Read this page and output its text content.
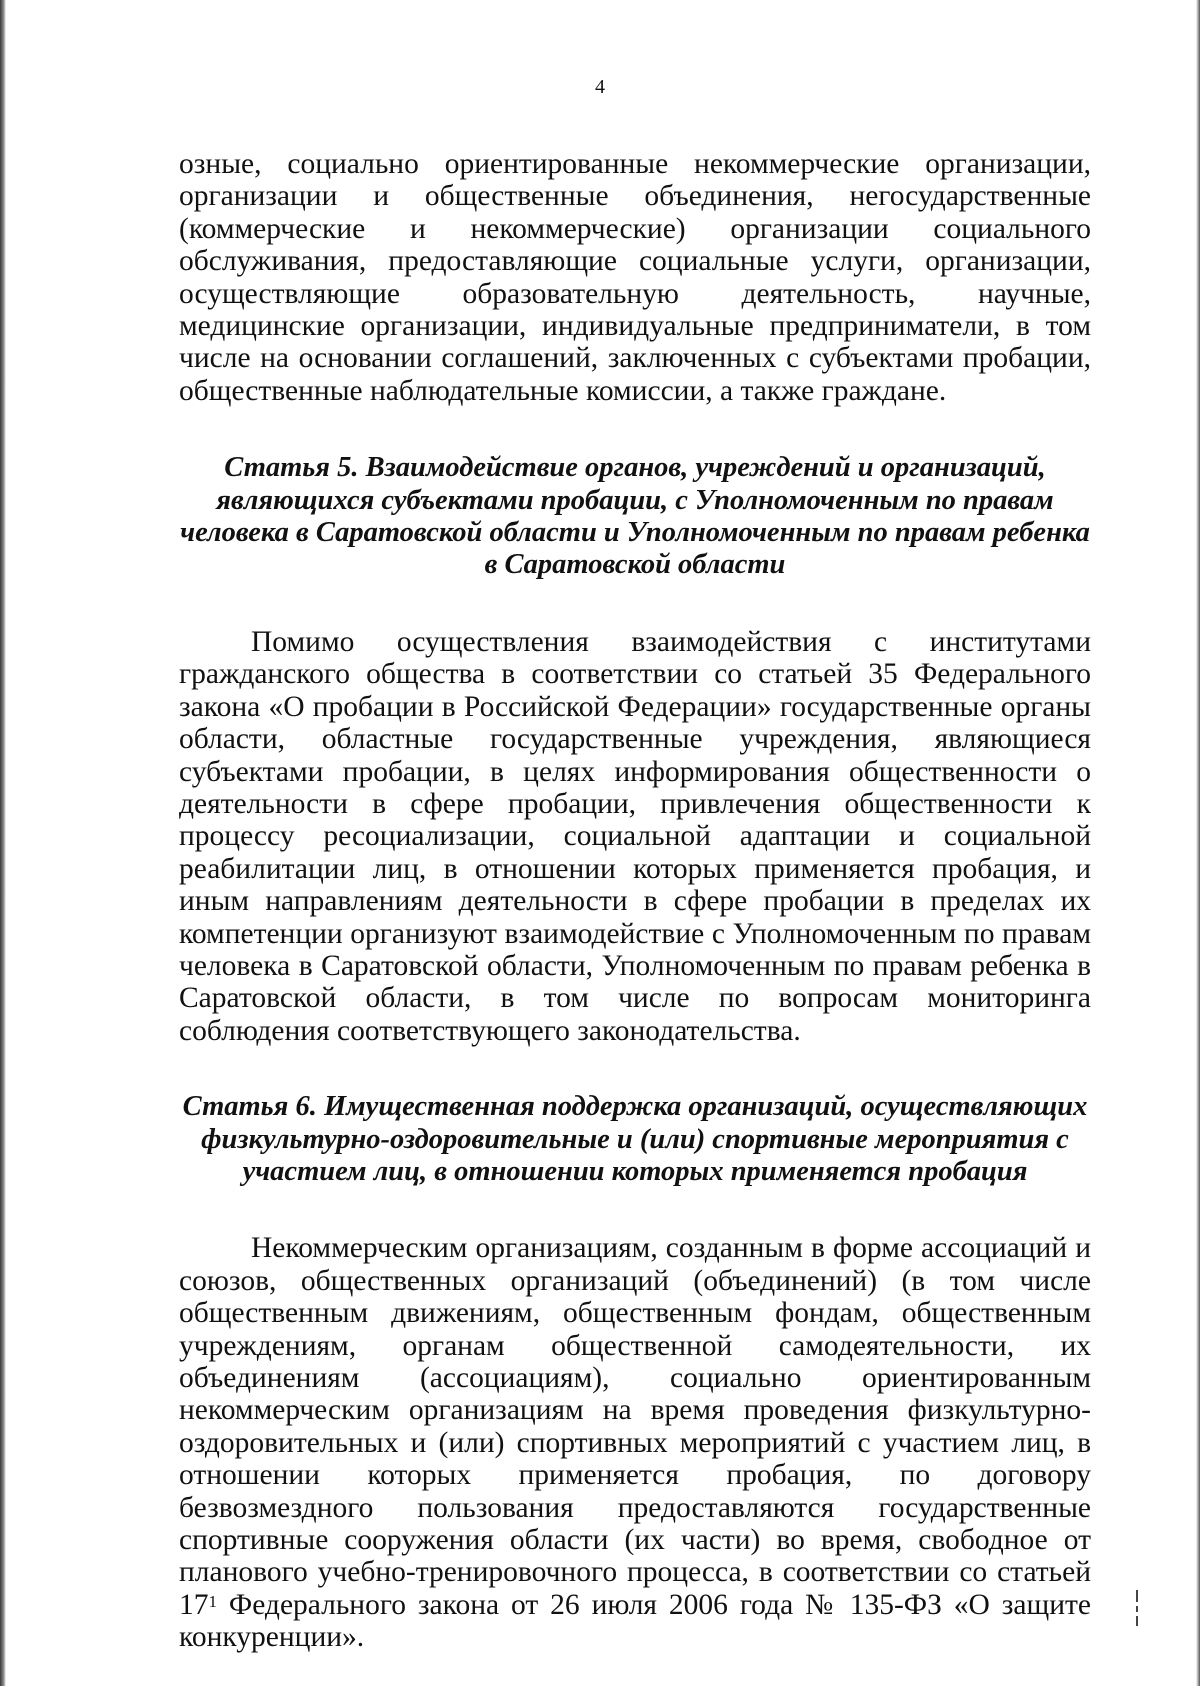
4

озные, социально ориентированные некоммерческие организации, организации и общественные объединения, негосударственные (коммерческие и некоммерческие) организации социального обслуживания, предоставляющие социальные услуги, организации, осуществляющие образовательную деятельность, научные, медицинские организации, индивидуальные предприниматели, в том числе на основании соглашений, заключенных с субъектами пробации, общественные наблюдательные комиссии, а также граждане.

Статья 5. Взаимодействие органов, учреждений и организаций, являющихся субъектами пробации, с Уполномоченным по правам человека в Саратовской области и Уполномоченным по правам ребенка в Саратовской области

Помимо осуществления взаимодействия с институтами гражданского общества в соответствии со статьей 35 Федерального закона «О пробации в Российской Федерации» государственные органы области, областные государственные учреждения, являющиеся субъектами пробации, в целях информирования общественности о деятельности в сфере пробации, привлечения общественности к процессу ресоциализации, социальной адаптации и социальной реабилитации лиц, в отношении которых применяется пробация, и иным направлениям деятельности в сфере пробации в пределах их компетенции организуют взаимодействие с Уполномоченным по правам человека в Саратовской области, Уполномоченным по правам ребенка в Саратовской области, в том числе по вопросам мониторинга соблюдения соответствующего законодательства.

Статья 6. Имущественная поддержка организаций, осуществляющих физкультурно-оздоровительные и (или) спортивные мероприятия с участием лиц, в отношении которых применяется пробация

Некоммерческим организациям, созданным в форме ассоциаций и союзов, общественных организаций (объединений) (в том числе общественным движениям, общественным фондам, общественным учреждениям, органам общественной самодеятельности, их объединениям (ассоциациям), социально ориентированным некоммерческим организациям на время проведения физкультурно-оздоровительных и (или) спортивных мероприятий с участием лиц, в отношении которых применяется пробация, по договору безвозмездного пользования предоставляются государственные спортивные сооружения области (их части) во время, свободное от планового учебно-тренировочного процесса, в соответствии со статьей $17^1$ Федерального закона от 26 июля 2006 года № 135-ФЗ «О защите конкуренции».
